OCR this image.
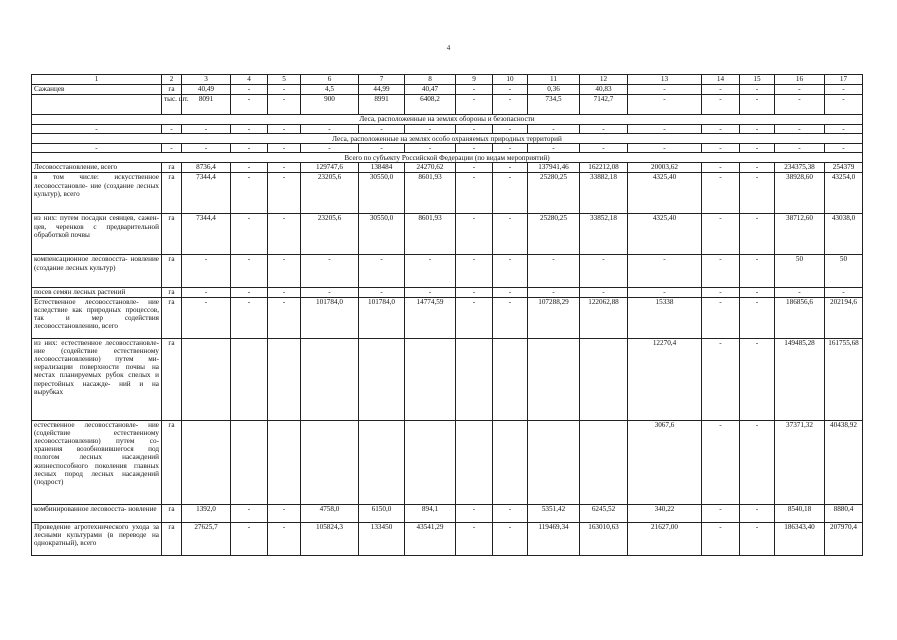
4
1	2	3	4	5	6	7	8	9	10	11	12	13	14	15	16	17
Сажанцев	га	40,49	-	-	4,5	44,99	40,47	-	-	0,36	40,83	-	-	-	-	-
	тыс. шт.	8091	-	-	900	8991	6408,2	-	-	734,5	7142,7	-	-	-	-	-
Леса, расположенные на землях обороны и безопасности																
-	-	-	-	-	-	-	-	-	-	-	-	-	-	-	-	-
Леса, расположенные на землях особо охраняемых природных территорий																
-	-	-	-	-	-	-	-	-	-	-	-	-	-	-	-	-
Всего по субъекту Российской Федерации (по видам мероприятий)																
Лесовосстановление, всего	га	8736,4	-	-	129747,6	138484	24270,62	-	-	137941,46	162212,08	20003,62	-	-	234375,38	254379
в том числе: искусственное лесовосстановле- ние (создание лесных культур), всего	га	7344,4	-	-	23205,6	30550,0	8601,93	-	-	25280,25	33882,18	4325,40	-	-	38928,60	43254,0
из них: путем посадки сеянцев, сажен- цев, черенков с предварительной обработкой почвы	га	7344,4	-	-	23205,6	30550,0	8601,93	-	-	25280,25	33852,18	4325,40	-	-	38712,60	43038,0
компенсационное лесовосста- новление (создание лесных культур)	га	-	-	-	-	-	-	-	-	-	-	-	-	-	50	50
посев семян лесных растений	га	-	-	-	-	-	-	-	-	-	-	-	-	-	-	-
Естественное лесовосстановле- ние вследствие как природных процессов, так и мер содействия лесовосстановлению, всего	га	-	-	-	101784,0	101784,0	14774,59	-	-	107288,29	122062,88	15338	-	-	186856,6	202194,6
из них: естественное лесовосстановле- ние (содействие естественному лесовосстановлению) путем ми- нерализации поверхности почвы на местах планируемых рубок спелых и перестойных насажде- ний и на вырубках	га											12270,4	-	-	149485,28	161755,68
естественное лесовосстановле- ние (содействие естественному лесовосстановлению) путем со- хранения возобновившегося под пологом лесных насаждений жизнеспособного поколения главных лесных пород лесных насаждений (подрост)	га											3067,6	-	-	37371,32	40438,92
комбинированное лесовосста- новление	га	1392,0	-	-	4758,0	6150,0	894,1	-	-	5351,42	6245,52	340,22	-	-	8540,18	8880,4
Проведение агротехнического ухода за лесными культурами (в переводе на однократный), всего	га	27625,7	-	-	105824,3	133450	43541,29	-	-	119469,34	163010,63	21627,00	-	-	186343,40	207970,4
